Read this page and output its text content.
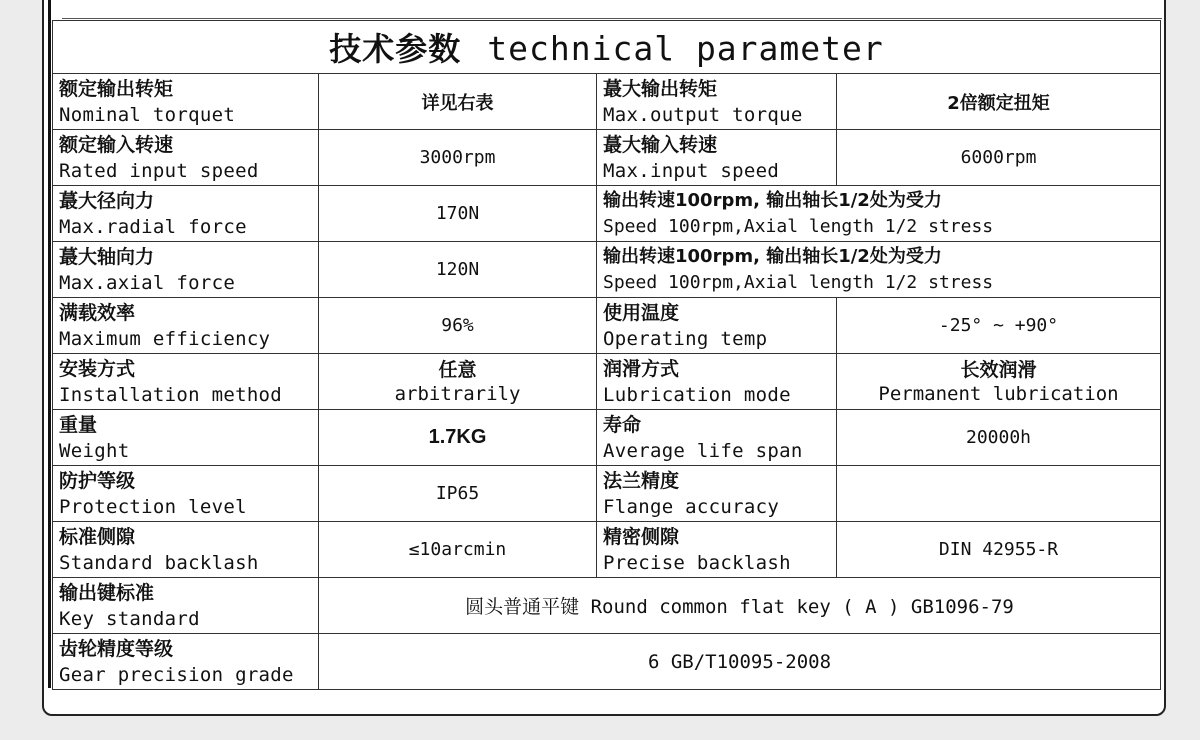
技术参数 technical parameter			

额定输出转矩
Nominal torquet	详见右表	蕞大输出转矩
Max.output torque	2倍额定扭矩

额定输入转速
Rated input speed	3000rpm	蕞大输入转速
Max.input speed	6000rpm

蕞大径向力
Max.radial force	170N	输出转速100rpm, 输出轴长1/2处为受力
Speed 100rpm,Axial length 1/2 stress	

蕞大轴向力
Max.axial force	120N	输出转速100rpm, 输出轴长1/2处为受力
Speed 100rpm,Axial length 1/2 stress	

满载效率
Maximum efficiency	96%	使用温度
Operating temp	-25° ~ +90°

安装方式
Installation method	任意
arbitrarily	润滑方式
Lubrication mode	长效润滑
Permanent lubrication

重量
Weight	1.7KG	寿命
Average life span	20000h

防护等级
Protection level	IP65	法兰精度
Flange accuracy	

标准侧隙
Standard backlash	≤10arcmin	精密侧隙
Precise backlash	DIN 42955-R

输出键标准
Key standard	圆头普通平键 Round common flat key ( A ) GB1096-79		

齿轮精度等级
Gear precision grade	6 GB/T10095-2008		
